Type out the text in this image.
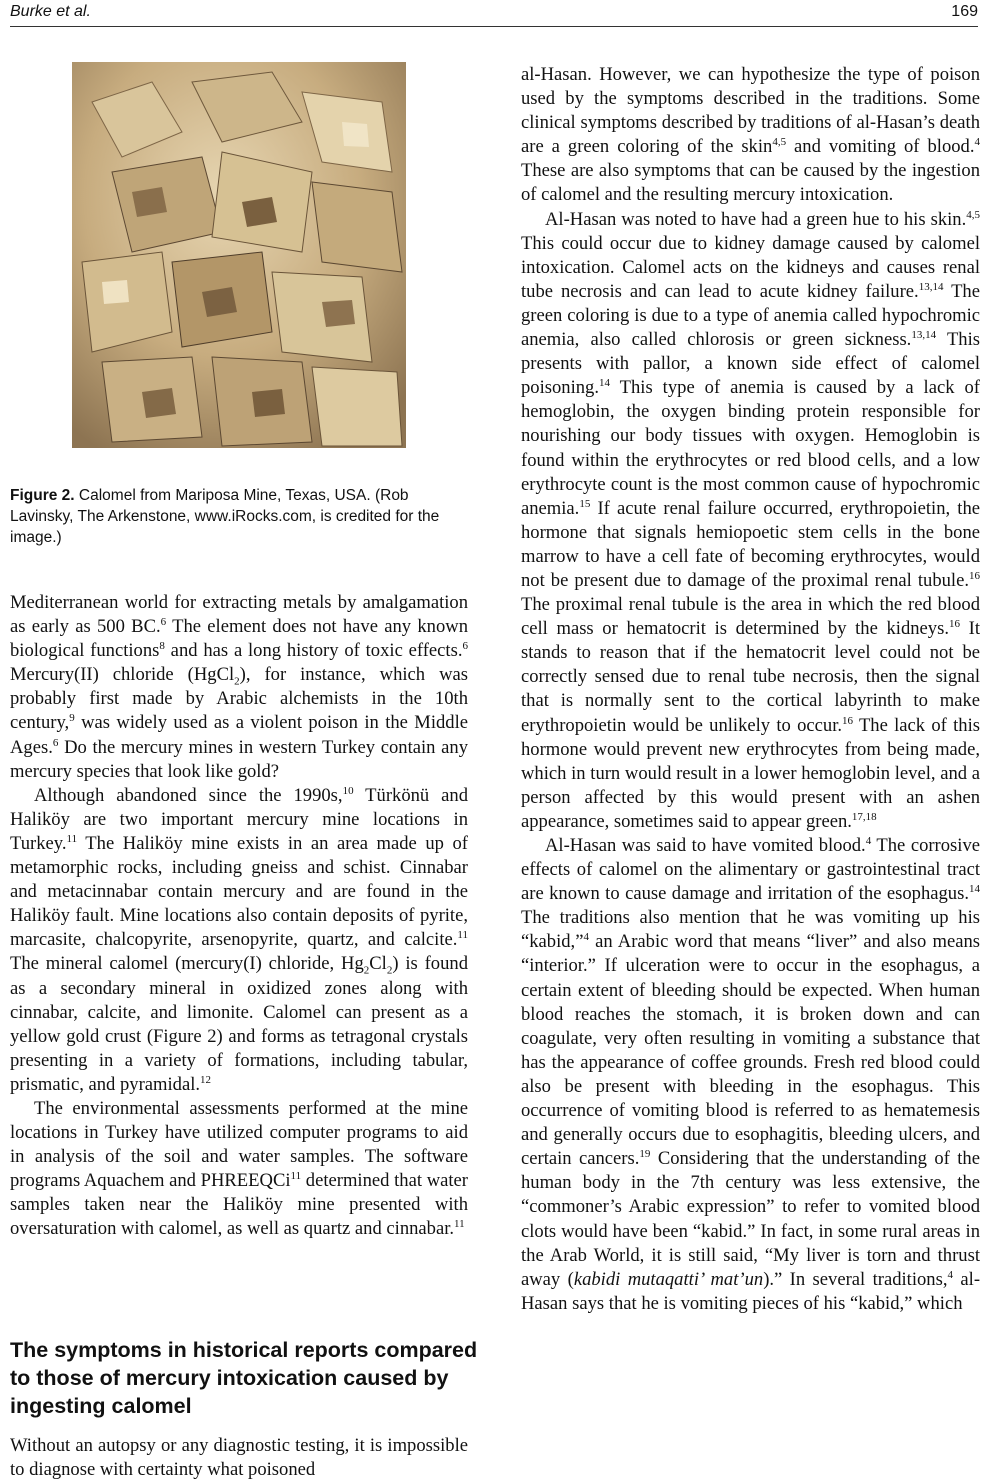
Burke et al.	169
Figure 2. Calomel from Mariposa Mine, Texas, USA. (Rob Lavinsky, The Arkenstone, www.iRocks.com, is credited for the image.)

Mediterranean world for extracting metals by amalgamation as early as 500 BC.$^6$ The element does not have any known biological functions$^8$ and has a long history of toxic effects.$^6$ Mercury(II) chloride (HgCl$_2$), for instance, which was probably first made by Arabic alchemists in the 10th century,$^9$ was widely used as a violent poison in the Middle Ages.$^6$ Do the mercury mines in western Turkey contain any mercury species that look like gold?

Although abandoned since the 1990s,$^{10}$ Türkönü and Haliköy are two important mercury mine locations in Turkey.$^{11}$ The Haliköy mine exists in an area made up of metamorphic rocks, including gneiss and schist. Cinnabar and metacinnabar contain mercury and are found in the Haliköy fault. Mine locations also contain deposits of pyrite, marcasite, chalcopyrite, arsenopyrite, quartz, and calcite.$^{11}$ The mineral calomel (mercury(I) chloride, $Hg_2Cl_2$) is found as a secondary mineral in oxidized zones along with cinnabar, calcite, and limonite. Calomel can present as a yellow gold crust (Figure 2) and forms as tetragonal crystals presenting in a variety of formations, including tabular, prismatic, and pyramidal.$^{12}$

The environmental assessments performed at the mine locations in Turkey have utilized computer programs to aid in analysis of the soil and water samples. The software programs Aquachem and PHREEQCi$^{11}$ determined that water samples taken near the Haliköy mine presented with oversaturation with calomel, as well as quartz and cinnabar.$^{11}$

The symptoms in historical reports compared to those of mercury intoxication caused by ingesting calomel

Without an autopsy or any diagnostic testing, it is impossible to diagnose with certainty what poisoned

al-Hasan. However, we can hypothesize the type of poison used by the symptoms described in the traditions. Some clinical symptoms described by traditions of al-Hasan’s death are a green coloring of the skin$^{4,5}$ and vomiting of blood.$^4$ These are also symptoms that can be caused by the ingestion of calomel and the resulting mercury intoxication.

Al-Hasan was noted to have had a green hue to his skin.$^{4,5}$ This could occur due to kidney damage caused by calomel intoxication. Calomel acts on the kidneys and causes renal tube necrosis and can lead to acute kidney failure.$^{13,14}$ The green coloring is due to a type of anemia called hypochromic anemia, also called chlorosis or green sickness.$^{13,14}$ This presents with pallor, a known side effect of calomel poisoning.$^{14}$ This type of anemia is caused by a lack of hemoglobin, the oxygen binding protein responsible for nourishing our body tissues with oxygen. Hemoglobin is found within the erythrocytes or red blood cells, and a low erythrocyte count is the most common cause of hypochromic anemia.$^{15}$ If acute renal failure occurred, erythropoietin, the hormone that signals hemiopoetic stem cells in the bone marrow to have a cell fate of becoming erythrocytes, would not be present due to damage of the proximal renal tubule.$^{16}$ The proximal renal tubule is the area in which the red blood cell mass or hematocrit is determined by the kidneys.$^{16}$ It stands to reason that if the hematocrit level could not be correctly sensed due to renal tube necrosis, then the signal that is normally sent to the cortical labyrinth to make erythropoietin would be unlikely to occur.$^{16}$ The lack of this hormone would prevent new erythrocytes from being made, which in turn would result in a lower hemoglobin level, and a person affected by this would present with an ashen appearance, sometimes said to appear green.$^{17,18}$

Al-Hasan was said to have vomited blood.$^4$ The corrosive effects of calomel on the alimentary or gastrointestinal tract are known to cause damage and irritation of the esophagus.$^{14}$ The traditions also mention that he was vomiting up his “kabid,”$^4$ an Arabic word that means “liver” and also means “interior.” If ulceration were to occur in the esophagus, a certain extent of bleeding should be expected. When human blood reaches the stomach, it is broken down and can coagulate, very often resulting in vomiting a substance that has the appearance of coffee grounds. Fresh red blood could also be present with bleeding in the esophagus. This occurrence of vomiting blood is referred to as hematemesis and generally occurs due to esophagitis, bleeding ulcers, and certain cancers.$^{19}$ Considering that the understanding of the human body in the 7th century was less extensive, the “commoner’s Arabic expression” to refer to vomited blood clots would have been “kabid.” In fact, in some rural areas in the Arab World, it is still said, “My liver is torn and thrust away (kabidi mutaqatti’ mat’un).” In several traditions,$^4$ al-Hasan says that he is vomiting pieces of his “kabid,” which
